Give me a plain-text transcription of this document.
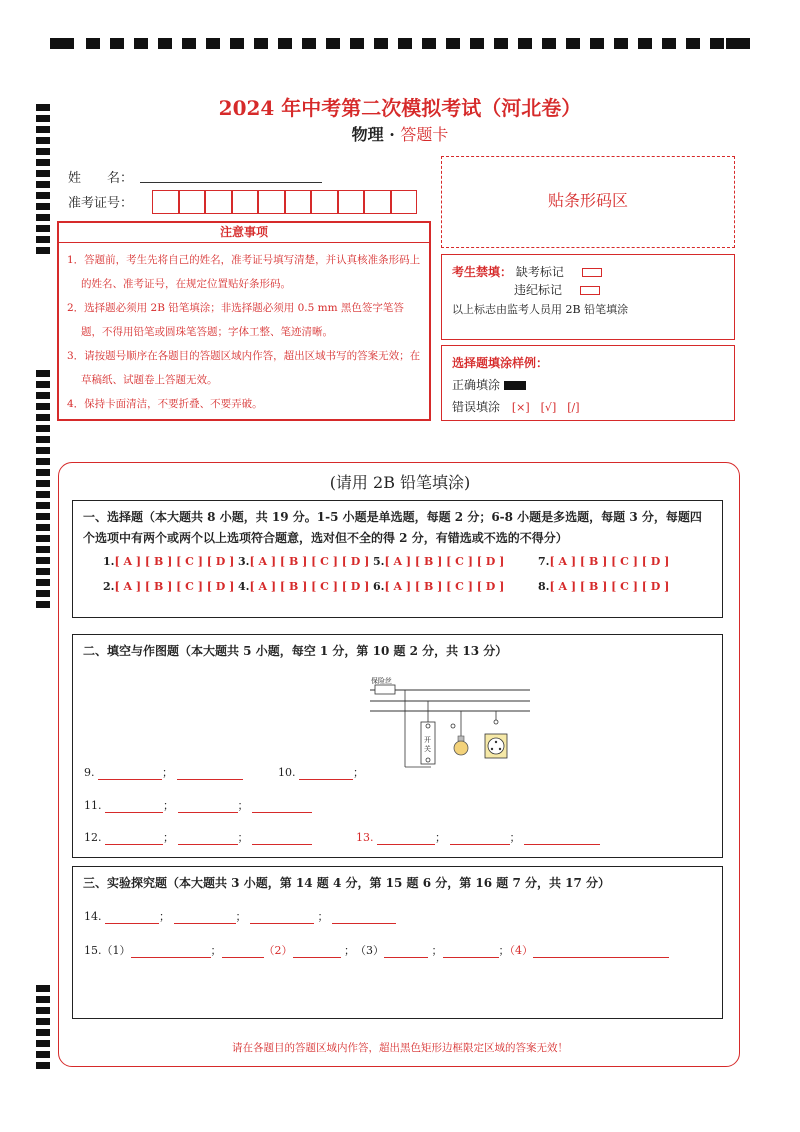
2024 年中考第二次模拟考试（河北卷）
物理 · 答题卡
姓　　名：
准考证号：	贴条形码区
注意事项

1．答题前，考生先将自己的姓名，准考证号填写清楚，并认真核准条形码上的姓名、准考证号，在规定位置贴好条形码。

2．选择题必须用 2B 铅笔填涂；非选择题必须用 0.5 mm 黑色签字笔答题，不得用铅笔或圆珠笔答题；字体工整、笔迹清晰。

3．请按题号顺序在各题目的答题区域内作答，超出区域书写的答案无效；在草稿纸、试题卷上答题无效。

4．保持卡面清洁，不要折叠、不要弄破。

考生禁填： 缺考标记
违纪标记
以上标志由监考人员用 2B 铅笔填涂
选择题填涂样例：
正确填涂
错误填涂 [×]　[√]　[/]
(请用 2B 铅笔填涂)
一、选择题（本大题共 8 小题，共 19 分。1-5 小题是单选题，每题 2 分；6-8 小题是多选题，每题 3 分，每题四个选项中有两个或两个以上选项符合题意，选对但不全的得 2 分，有错选或不选的不得分）
1.[ A ] [ B ] [ C ] [ D ] 3.[ A ] [ B ] [ C ] [ D ] 5.[ A ] [ B ] [ C ] [ D ]	7.[ A ] [ B ] [ C ] [ D ]
2.[ A ] [ B ] [ C ] [ D ] 4.[ A ] [ B ] [ C ] [ D ] 6.[ A ] [ B ] [ C ] [ D ]	8.[ A ] [ B ] [ C ] [ D ]
二、填空与作图题（本大题共 5 小题，每空 1 分，第 10 题 2 分，共 13 分）
保险丝
开关
9.	；	10.	；
11.	；	；
12.	；	；	13.	；	；
三、实验探究题（本大题共 3 小题，第 14 题 4 分，第 15 题 6 分，第 16 题 7 分，共 17 分）
14.	；	；	；
15.（1）	；	（2）	；　 （3）	；	；（4）
请在各题目的答题区域内作答，超出黑色矩形边框限定区域的答案无效！
